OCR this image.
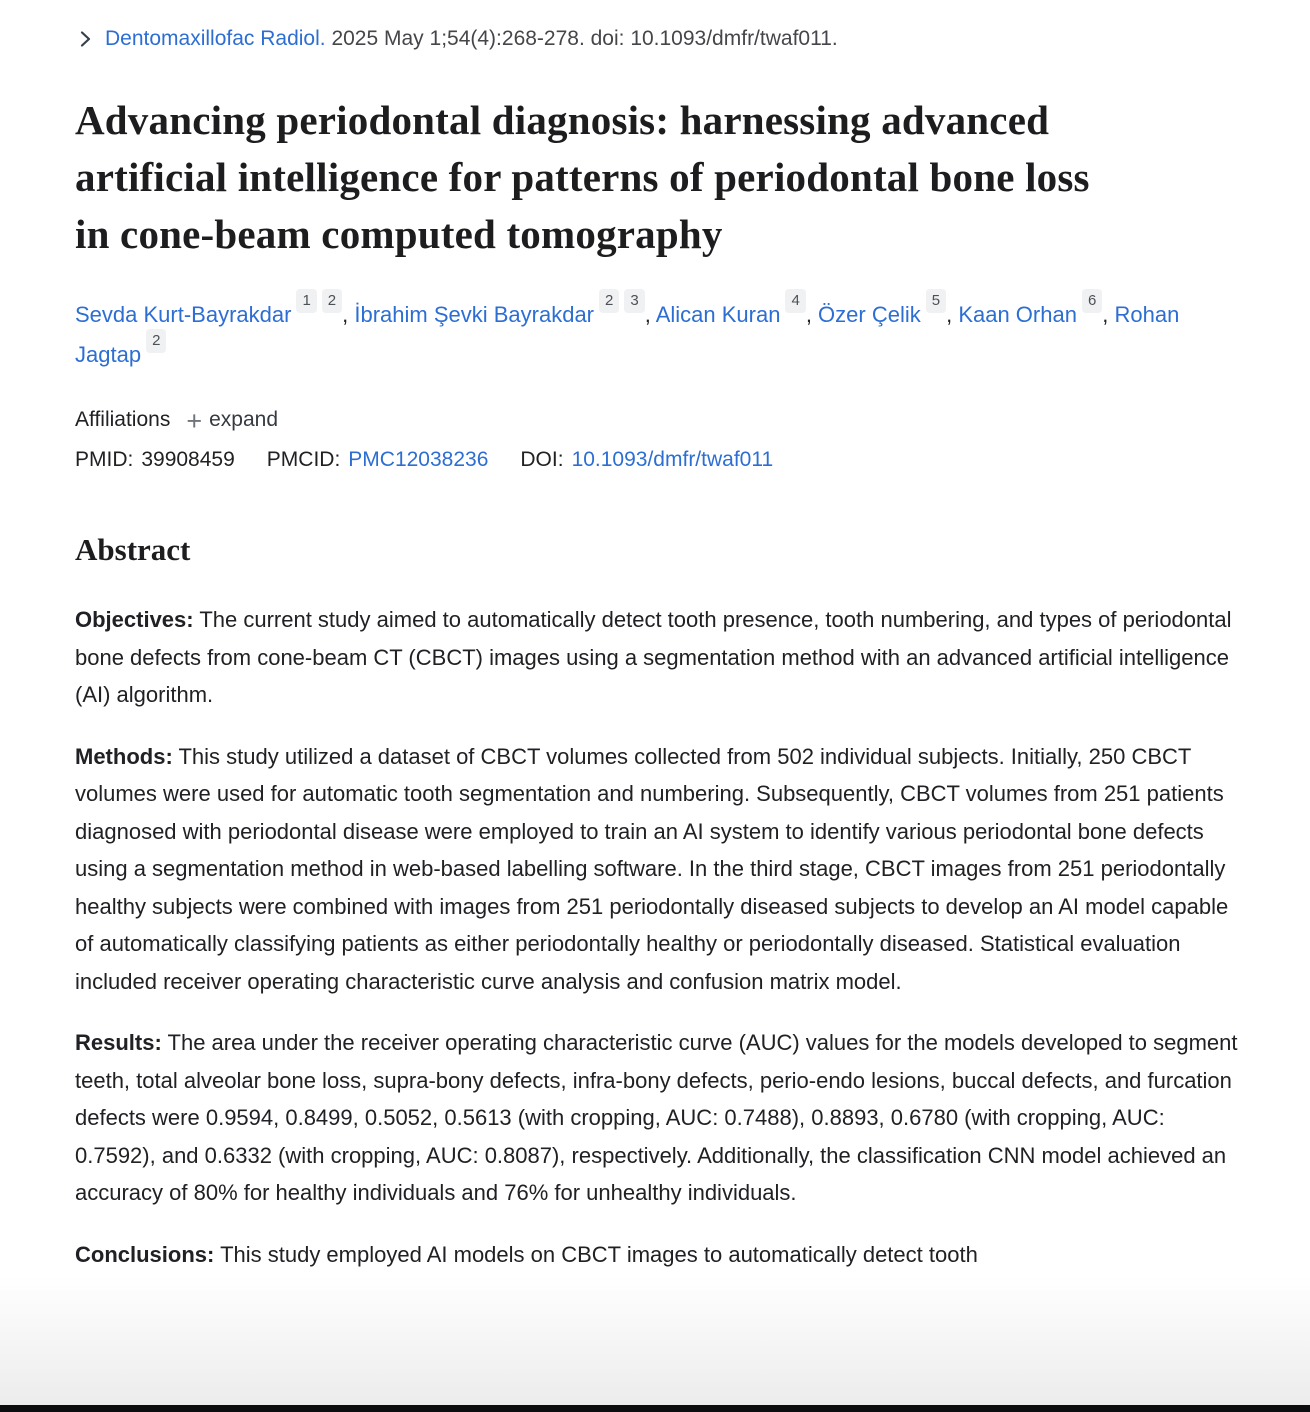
Dentomaxillofac Radiol. 2025 May 1;54(4):268-278. doi: 10.1093/dmfr/twaf011.
Advancing periodontal diagnosis: harnessing advanced artificial intelligence for patterns of periodontal bone loss in cone‑beam computed tomography
Sevda Kurt-Bayrakdar$^1$ $^2$, İbrahim Şevki Bayrakdar$^2$ $^3$, Alican Kuran$^4$, Özer Çelik$^5$, Kaan Orhan$^6$, Rohan Jagtap$^2$
Affiliations + expand
PMID: 39908459 PMCID: PMC12038236 DOI: 10.1093/dmfr/twaf011
Abstract

Objectives: The current study aimed to automatically detect tooth presence, tooth numbering, and types of periodontal bone defects from cone-beam CT (CBCT) images using a segmentation method with an advanced artificial intelligence (AI) algorithm.

Methods: This study utilized a dataset of CBCT volumes collected from 502 individual subjects. Initially, 250 CBCT volumes were used for automatic tooth segmentation and numbering. Subsequently, CBCT volumes from 251 patients diagnosed with periodontal disease were employed to train an AI system to identify various periodontal bone defects using a segmentation method in web-based labelling software. In the third stage, CBCT images from 251 periodontally healthy subjects were combined with images from 251 periodontally diseased subjects to develop an AI model capable of automatically classifying patients as either periodontally healthy or periodontally diseased. Statistical evaluation included receiver operating characteristic curve analysis and confusion matrix model.

Results: The area under the receiver operating characteristic curve (AUC) values for the models developed to segment teeth, total alveolar bone loss, supra-bony defects, infra-bony defects, perio-endo lesions, buccal defects, and furcation defects were 0.9594, 0.8499, 0.5052, 0.5613 (with cropping, AUC: 0.7488), 0.8893, 0.6780 (with cropping, AUC: 0.7592), and 0.6332 (with cropping, AUC: 0.8087), respectively. Additionally, the classification CNN model achieved an accuracy of 80% for healthy individuals and 76% for unhealthy individuals.

Conclusions: This study employed AI models on CBCT images to automatically detect tooth
